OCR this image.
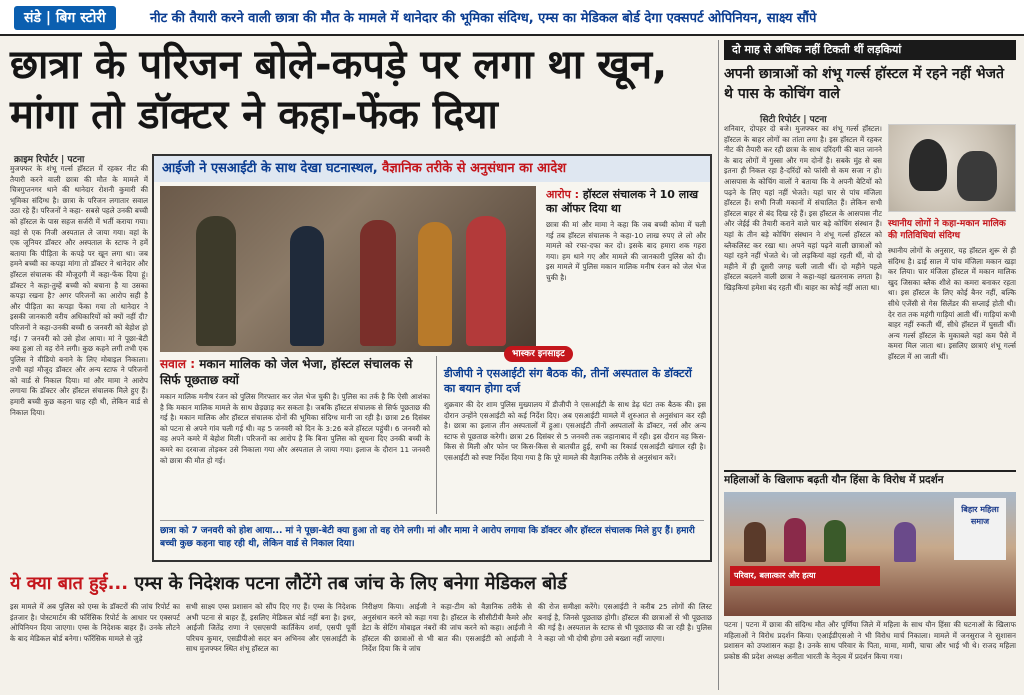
संडे | बिग स्टोरी	नीट की तैयारी करने वाली छात्रा की मौत के मामले में थानेदार की भूमिका संदिग्ध, एम्स का मेडिकल बोर्ड देगा एक्सपर्ट ओपिनियन, साक्ष्य सौंपे
छात्रा के परिजन बोले-कपड़े पर लगा था खून, मांगा तो डॉक्टर ने कहा-फेंक दिया
क्राइम रिपोर्टर | पटना
मुजफ्फर के शंभू गर्ल्स हॉस्टल में रहकर नीट की तैयारी करने वाली छात्रा की मौत के मामले में चित्रगुप्तनगर थाने की थानेदार रोशनी कुमारी की भूमिका संदिग्ध है। छात्रा के परिजन लगातार सवाल उठा रहे हैं। परिजनों ने कहा- सबसे पहले उनकी बच्ची को हॉस्टल के पास सहज सर्जरी में भर्ती कराया गया। वहां से एक निजी अस्पताल ले जाया गया। वहां के एक जूनियर डॉक्टर और अस्पताल के स्टाफ ने हमें बताया कि पीड़िता के कपड़े पर खून लगा था। जब हमने बच्ची का कपड़ा मांगा तो डॉक्टर ने थानेदार और हॉस्टल संचालक की मौजूदगी में कहा-फेंक दिया हूं। डॉक्टर ने कहा-तुम्हें बच्ची को बचाना है या उसका कपड़ा रखना है? अगर परिजनों का आरोप सही है और पीड़िता का कपड़ा फेंका गया तो थानेदार ने इसकी जानकारी वरीय अधिकारियों को क्यों नहीं दी? परिजनों ने कहा-उनकी बच्ची 6 जनवरी को बेहोश हो गई। 7 जनवरी को उसे होश आया। मां ने पूछा-बेटी क्या हुआ तो वह रोने लगी। कुछ कहने लगी तभी एक पुलिस ने वीडियो बनाने के लिए मोबाइल निकाला। तभी वहां मौजूद डॉक्टर और अन्य स्टाफ ने परिजनों को वार्ड से निकाल दिया। मां और मामा ने आरोप लगाया कि डॉक्टर और हॉस्टल संचालक मिले हुए हैं। हमारी बच्ची कुछ कहना चाह रही थी, लेकिन वार्ड से निकाल दिया।
आईजी ने एसआईटी के साथ देखा घटनास्थल, वैज्ञानिक तरीके से अनुसंधान का आदेश
आरोप : हॉस्टल संचालक ने 10 लाख का ऑफर दिया था
छात्रा की मां और मामा ने कहा कि जब बच्ची कोमा में चली गई तब हॉस्टल संचालक ने कहा-10 लाख रुपए ले लो और मामले को रफा-दफा कर दो। इसके बाद हमारा शक गहरा गया। हम थाने गए और मामले की जानकारी पुलिस को दी। इस मामले में पुलिस मकान मालिक मनीष रंजन को जेल भेज चुकी है।
सवाल : मकान मालिक को जेल भेजा, हॉस्टल संचालक से सिर्फ पूछताछ क्यों
मकान मालिक मनीष रंजन को पुलिस गिरफ्तार कर जेल भेज चुकी है। पुलिस का तर्क है कि ऐसी आशंका है कि मकान मालिक मामले के साथ छेड़छाड़ कर सकता है। जबकि हॉस्टल संचालक से सिर्फ पूछताछ की गई है। मकान मालिक और हॉस्टल संचालक दोनों की भूमिका संदिग्ध मानी जा रही है। छात्रा 26 दिसंबर को पटना से अपने गांव चली गई थी। वह 5 जनवरी को दिन के 3:26 बजे हॉस्टल पहुंची। 6 जनवरी को वह अपने कमरे में बेहोश मिली। परिजनों का आरोप है कि बिना पुलिस को सूचना दिए उनकी बच्ची के कमरे का दरवाजा तोड़कर उसे निकाला गया और अस्पताल ले जाया गया। इलाज के दौरान 11 जनवरी को छात्रा की मौत हो गई।
भास्कर इनसाइट
डीजीपी ने एसआईटी संग बैठक की, तीनों अस्पताल के डॉक्टरों का बयान होगा दर्ज
शुक्रवार की देर शाम पुलिस मुख्यालय में डीजीपी ने एसआईटी के साथ डेढ़ घंटा तक बैठक की। इस दौरान उन्होंने एसआईटी को कई निर्देश दिए। अब एसआईटी मामले में शुरुआत से अनुसंधान कर रही है। छात्रा का इलाज तीन अस्पतालों में हुआ। एसआईटी तीनों अस्पतालों के डॉक्टर, नर्स और अन्य स्टाफ से पूछताछ करेगी। छात्रा 26 दिसंबर से 5 जनवरी तक जहानाबाद में रही। इस दौरान वह किस-किस से मिली और फोन पर किस-किस से बातचीत हुई, सभी का रिकार्ड एसआईटी खंगाल रही है। एसआईटी को स्पष्ट निर्देश दिया गया है कि पूरे मामले की वैज्ञानिक तरीके से अनुसंधान करें।
छात्रा को 7 जनवरी को होश आया... मां ने पूछा-बेटी क्या हुआ तो वह रोने लगी। मां और मामा ने आरोप लगाया कि डॉक्टर और हॉस्टल संचालक मिले हुए हैं। हमारी बच्ची कुछ कहना चाह रही थी, लेकिन वार्ड से निकाल दिया।
ये क्या बात हुई... एम्स के निदेशक पटना लौटेंगे तब जांच के लिए बनेगा मेडिकल बोर्ड
इस मामले में अब पुलिस को एम्स के डॉक्टरों की जांच रिपोर्ट का इंतजार है। पोस्टमार्टम की फॉरेंसिक रिपोर्ट के आधार पर एक्सपर्ट ओपिनियन दिया जाएगा। एम्स के निदेशक बाहर हैं। उनके लौटने के बाद मेडिकल बोर्ड बनेगा। फॉरेंसिक मामले से जुड़े
सभी साक्ष्य एम्स प्रशासन को सौंप दिए गए हैं। एम्स के निदेशक अभी पटना से बाहर हैं, इसलिए मेडिकल बोर्ड नहीं बना है। इधर, आईजी जितेंद्र राणा ने एसएसपी कार्तिकेय शर्मा, एसपी पूर्वी परिचय कुमार, एसडीपीओ सदर बन अभिनव और एसआईटी के साथ मुजफ्फर स्थित शंभू हॉस्टल का
निरीक्षण किया। आईजी ने कहा-टीम को वैज्ञानिक तरीके से अनुसंधान करने को कहा गया है। हॉस्टल के सीसीटीवी कैमरे और डेटा के सेटिंग मोबाइल नंबरों की जांच करने को कहा। आईजी ने हॉस्टल की छात्राओं से भी बात की। एसआईटी को आईजी ने निर्देश दिया कि वे जांच
की रोज समीक्षा करेंगे। एसआईटी ने करीब 25 लोगों की लिस्ट बनाई है, जिनसे पूछताछ होगी। हॉस्टल की छात्राओं से भी पूछताछ की गई है। अस्पताल के स्टाफ से भी पूछताछ की जा रही है। पुलिस ने कहा जो भी दोषी होगा उसे बख्शा नहीं जाएगा।
दो माह से अधिक नहीं टिकती थीं लड़कियां
अपनी छात्राओं को शंभू गर्ल्स हॉस्टल में रहने नहीं भेजते थे पास के कोचिंग वाले
सिटी रिपोर्टर | पटना
शनिवार, दोपहर दो बजे। मुजफ्फर का शंभू गर्ल्स हॉस्टल। हॉस्टल के बाहर लोगों का तांता लगा है। इस हॉस्टल में रहकर नीट की तैयारी कर रही छात्रा के साथ दरिंदगी की बात जानने के बाद लोगों में गुस्सा और गम दोनों है। सबके मुंह से बस इतना ही निकल रहा है-दरिंदों को फांसी से कम सजा न हो। आसपास के कोचिंग वालों ने बताया कि वे अपनी बेटियों को पढ़ने के लिए यहां नहीं भेजते। यहां चार से पांच मंजिला हॉस्टल हैं। सभी निजी मकानों में संचालित हैं। लेकिन सभी हॉस्टल बाहर से बंद दिख रहे हैं। इस हॉस्टल के आसपास नीट और जेईई की तैयारी कराने वाले चार बड़े कोचिंग संस्थान हैं। यहां के तीन बड़े कोचिंग संस्थान ने शंभू गर्ल्स हॉस्टल को ब्लैकलिस्ट कर रखा था। अपने यहां पढ़ने वाली छात्राओं को यहां रहने नहीं भेजते थे। जो लड़कियां वहां रहती थीं, वो दो महीने में ही दूसरी जगह चली जाती थीं। दो महीने पहले हॉस्टल बदलने वाली छात्रा ने कहा-यहां खतरनाक लगता है। खिड़कियां हमेशा बंद रहती थीं। बाहर का कोई नहीं आता था।
स्थानीय लोगों ने कहा-मकान मालिक की गतिविधियां संदिग्ध
स्थानीय लोगों के अनुसार, यह हॉस्टल शुरू से ही संदिग्ध है। ढाई साल में पांच मंजिला मकान खड़ा कर लिया। चार मंजिला हॉस्टल में मकान मालिक खुद जिसका ब्लैक शीशे का कमरा बनाकर रहता था। इस हॉस्टल के लिए कोई बैनर नहीं, बल्कि सीधे एजेंसी से गेस सिलेंडर की सप्लाई होती थी। देर रात तक महंगी गाड़ियां आती थीं। गाड़ियां कभी बाहर नहीं रुकती थीं, सीधे हॉस्टल में घुसती थीं। अन्य गर्ल्स हॉस्टल के मुकाबले यहां कम पैसे में कमरा मिल जाता था। इसलिए छात्राएं शंभू गर्ल्स हॉस्टल में आ जाती थीं।
महिलाओं के खिलाफ बढ़ती यौन हिंसा के विरोध में प्रदर्शन
परिवार, बलात्कार और हत्या
बिहार महिला समाज
पटना | पटना में छात्रा की संदिग्ध मौत और पूर्णिया जिले में महिला के साथ यौन हिंसा की घटनाओं के खिलाफ महिलाओं ने विरोध प्रदर्शन किया। एआईडीएसओ ने भी विरोध मार्च निकाला। मामले में जनसुराज ने सुशासन प्रशासन को उपशासन कहा है। उनके साथ परिवार के पिता, मामा, मामी, चाचा और भाई भी थे। राजद महिला प्रकोष्ठ की प्रदेश अध्यक्ष अनीता भारती के नेतृत्व में प्रदर्शन किया गया।
